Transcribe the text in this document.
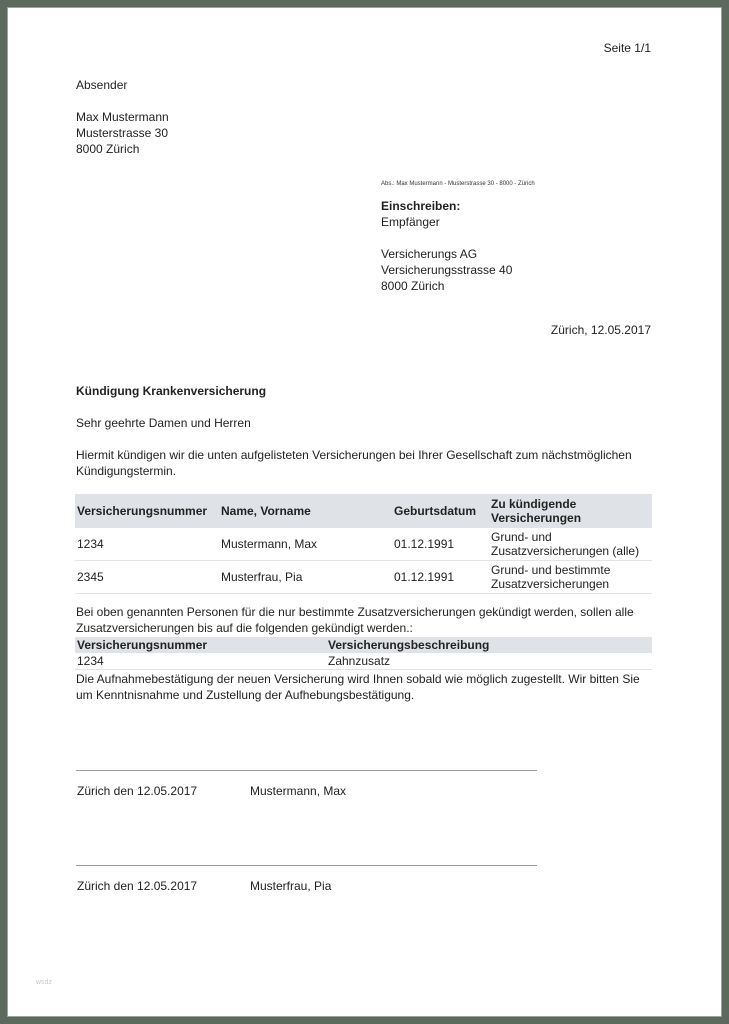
Seite 1/1
Absender
Max Mustermann
Musterstrasse 30
8000 Zürich
Abs.: Max Mustermann - Musterstrasse 30 - 8000 - Zürich
Einschreiben:
Empfänger
Versicherungs AG
Versicherungsstrasse 40
8000 Zürich
Zürich, 12.05.2017
Kündigung Krankenversicherung
Sehr geehrte Damen und Herren
Hiermit kündigen wir die unten aufgelisteten Versicherungen bei Ihrer Gesellschaft zum nächstmöglichen Kündigungstermin.
Versicherungsnummer	Name, Vorname	Geburtsdatum	Zu kündigende Versicherungen
1234	Mustermann, Max	01.12.1991	Grund- und Zusatzversicherungen (alle)
2345	Musterfrau, Pia	01.12.1991	Grund- und bestimmte Zusatzversicherungen
Bei oben genannten Personen für die nur bestimmte Zusatzversicherungen gekündigt werden, sollen alle Zusatzversicherungen bis auf die folgenden gekündigt werden.:
Versicherungsnummer	Versicherungsbeschreibung
1234	Zahnzusatz
Die Aufnahmebestätigung der neuen Versicherung wird Ihnen sobald wie möglich zugestellt. Wir bitten Sie um Kenntnisnahme und Zustellung der Aufhebungsbestätigung.
Zürich den 12.05.2017	Mustermann, Max
Zürich den 12.05.2017	Musterfrau, Pia
wsdz
